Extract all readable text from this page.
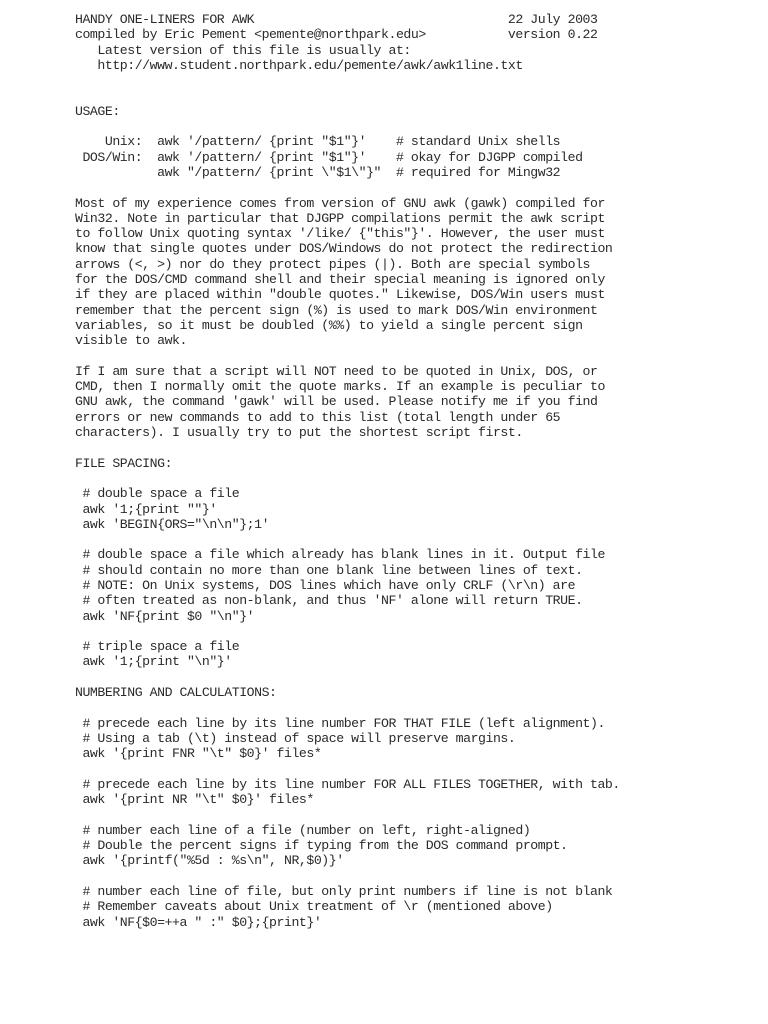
HANDY ONE-LINERS FOR AWK                                  22 July 2003
compiled by Eric Pement <pemente@northpark.edu>           version 0.22
Latest version of this file is usually at:
http://www.student.northpark.edu/pemente/awk/awk1line.txt
USAGE:
Unix:  awk '/pattern/ {print "$1"}'    # standard Unix shells
DOS/Win:  awk '/pattern/ {print "$1"}'    # okay for DJGPP compiled
awk "/pattern/ {print \"$1\"}"  # required for Mingw32
Most of my experience comes from version of GNU awk (gawk) compiled for
Win32. Note in particular that DJGPP compilations permit the awk script
to follow Unix quoting syntax '/like/ {"this"}'. However, the user must
know that single quotes under DOS/Windows do not protect the redirection
arrows (<, >) nor do they protect pipes (|). Both are special symbols
for the DOS/CMD command shell and their special meaning is ignored only
if they are placed within "double quotes." Likewise, DOS/Win users must
remember that the percent sign (%) is used to mark DOS/Win environment
variables, so it must be doubled (%%) to yield a single percent sign
visible to awk.
If I am sure that a script will NOT need to be quoted in Unix, DOS, or
CMD, then I normally omit the quote marks. If an example is peculiar to
GNU awk, the command 'gawk' will be used. Please notify me if you find
errors or new commands to add to this list (total length under 65
characters). I usually try to put the shortest script first.
FILE SPACING:
# double space a file
awk '1;{print ""}'
awk 'BEGIN{ORS="\n\n"};1'
# double space a file which already has blank lines in it. Output file
# should contain no more than one blank line between lines of text.
# NOTE: On Unix systems, DOS lines which have only CRLF (\r\n) are
# often treated as non-blank, and thus 'NF' alone will return TRUE.
awk 'NF{print $0 "\n"}'
# triple space a file
awk '1;{print "\n"}'
NUMBERING AND CALCULATIONS:
# precede each line by its line number FOR THAT FILE (left alignment).
# Using a tab (\t) instead of space will preserve margins.
awk '{print FNR "\t" $0}' files*
# precede each line by its line number FOR ALL FILES TOGETHER, with tab.
awk '{print NR "\t" $0}' files*
# number each line of a file (number on left, right-aligned)
# Double the percent signs if typing from the DOS command prompt.
awk '{printf("%5d : %s\n", NR,$0)}'
# number each line of file, but only print numbers if line is not blank
# Remember caveats about Unix treatment of \r (mentioned above)
awk 'NF{$0=++a " :" $0};{print}'
